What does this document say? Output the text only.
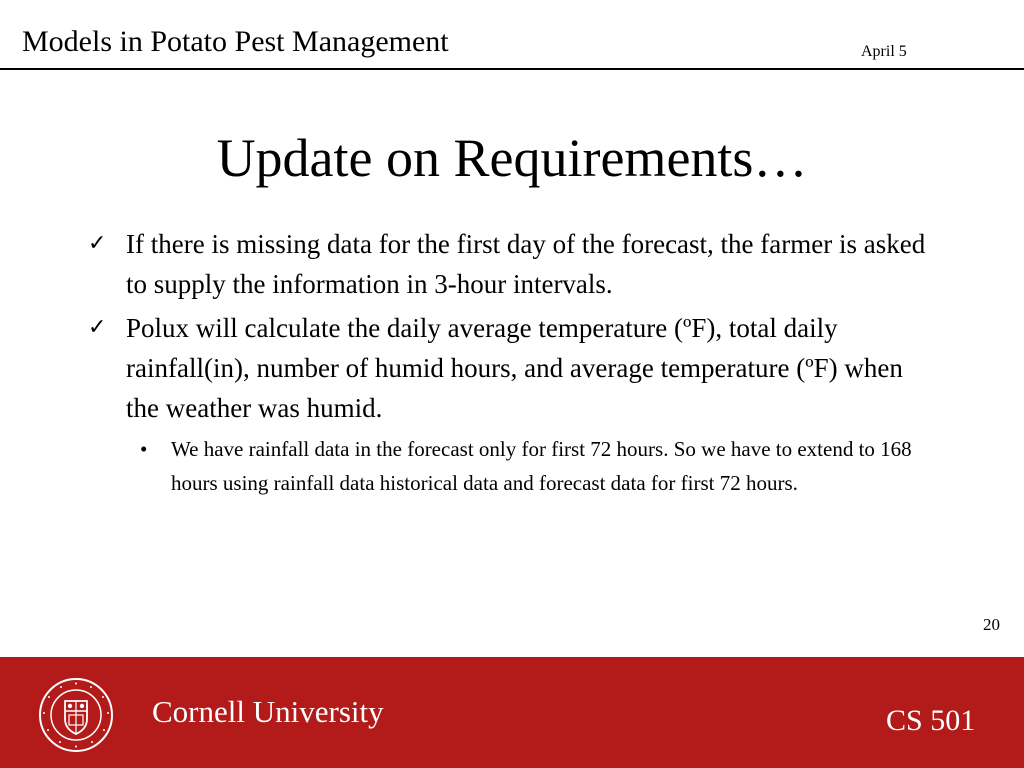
Models in Potato Pest Management	April 5
Update on Requirements…
✓ If there is missing data for the first day of the forecast, the farmer is asked to supply the information in 3-hour intervals.
✓ Polux will calculate the daily average temperature (ºF), total daily rainfall(in), number of humid hours, and average temperature (ºF) when the weather was humid.
• We have rainfall data in the forecast only for first 72 hours. So we have to extend to 168 hours using rainfall data historical data and forecast data for first 72 hours.
20
Cornell University	CS 501
